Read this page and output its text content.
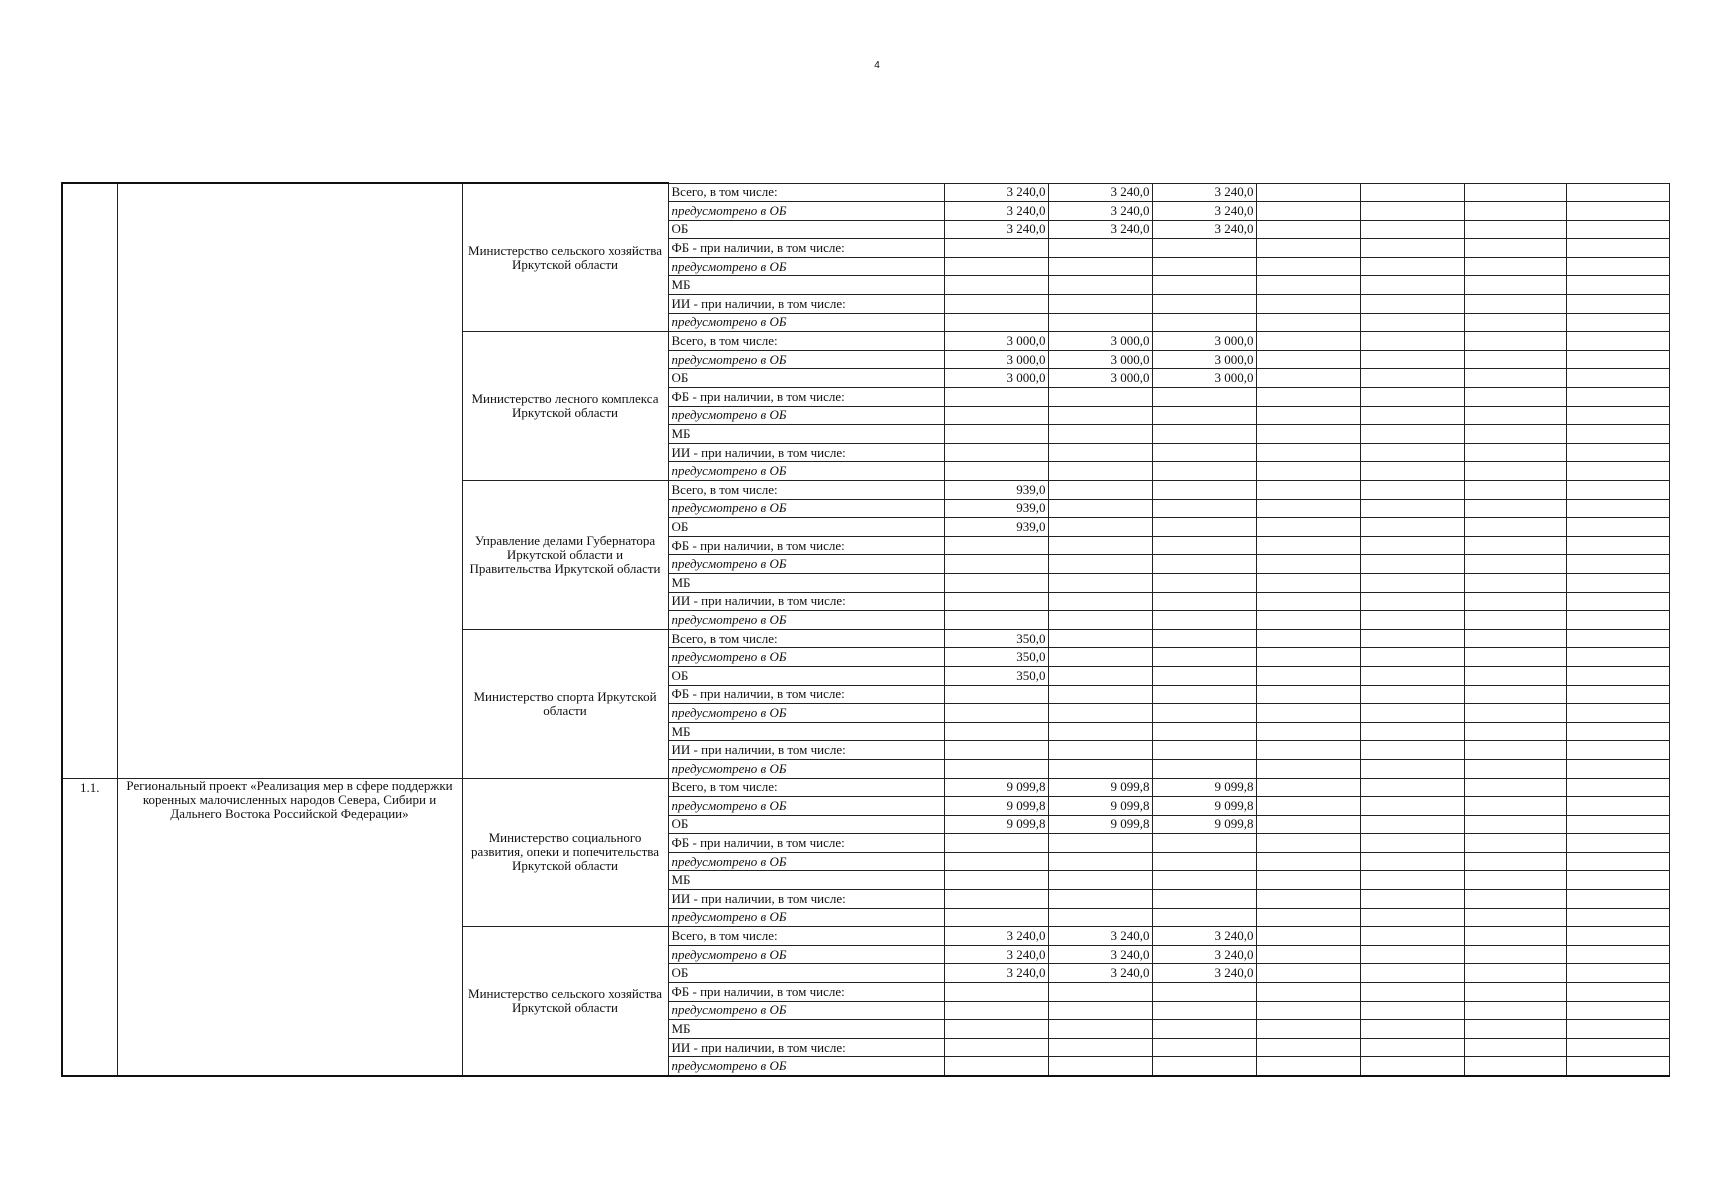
4
		Министерство сельского хозяйства Иркутской области	Всего, в том числе:	3 240,0	3 240,0	3 240,0				
			предусмотрено в ОБ	3 240,0	3 240,0	3 240,0				
			ОБ	3 240,0	3 240,0	3 240,0				
			ФБ - при наличии, в том числе:							
			предусмотрено в ОБ							
			МБ							
			ИИ - при наличии, в том числе:							
			предусмотрено в ОБ							
		Министерство лесного комплекса Иркутской области	Всего, в том числе:	3 000,0	3 000,0	3 000,0				
			предусмотрено в ОБ	3 000,0	3 000,0	3 000,0				
			ОБ	3 000,0	3 000,0	3 000,0				
			ФБ - при наличии, в том числе:							
			предусмотрено в ОБ							
			МБ							
			ИИ - при наличии, в том числе:							
			предусмотрено в ОБ							
		Управление делами Губернатора Иркутской области и Правительства Иркутской области	Всего, в том числе:	939,0						
			предусмотрено в ОБ	939,0						
			ОБ	939,0						
			ФБ - при наличии, в том числе:							
			предусмотрено в ОБ							
			МБ							
			ИИ - при наличии, в том числе:							
			предусмотрено в ОБ							
		Министерство спорта Иркутской области	Всего, в том числе:	350,0						
			предусмотрено в ОБ	350,0						
			ОБ	350,0						
			ФБ - при наличии, в том числе:							
			предусмотрено в ОБ							
			МБ							
			ИИ - при наличии, в том числе:							
			предусмотрено в ОБ							
1.1.	Региональный проект «Реализация мер в сфере поддержки коренных малочисленных народов Севера, Сибири и Дальнего Востока Российской Федерации»	Министерство социального развития, опеки и попечительства Иркутской области	Всего, в том числе:	9 099,8	9 099,8	9 099,8				
			предусмотрено в ОБ	9 099,8	9 099,8	9 099,8				
			ОБ	9 099,8	9 099,8	9 099,8				
			ФБ - при наличии, в том числе:							
			предусмотрено в ОБ							
			МБ							
			ИИ - при наличии, в том числе:							
			предусмотрено в ОБ							
		Министерство сельского хозяйства Иркутской области	Всего, в том числе:	3 240,0	3 240,0	3 240,0				
			предусмотрено в ОБ	3 240,0	3 240,0	3 240,0				
			ОБ	3 240,0	3 240,0	3 240,0				
			ФБ - при наличии, в том числе:							
			предусмотрено в ОБ							
			МБ							
			ИИ - при наличии, в том числе:							
			предусмотрено в ОБ							
